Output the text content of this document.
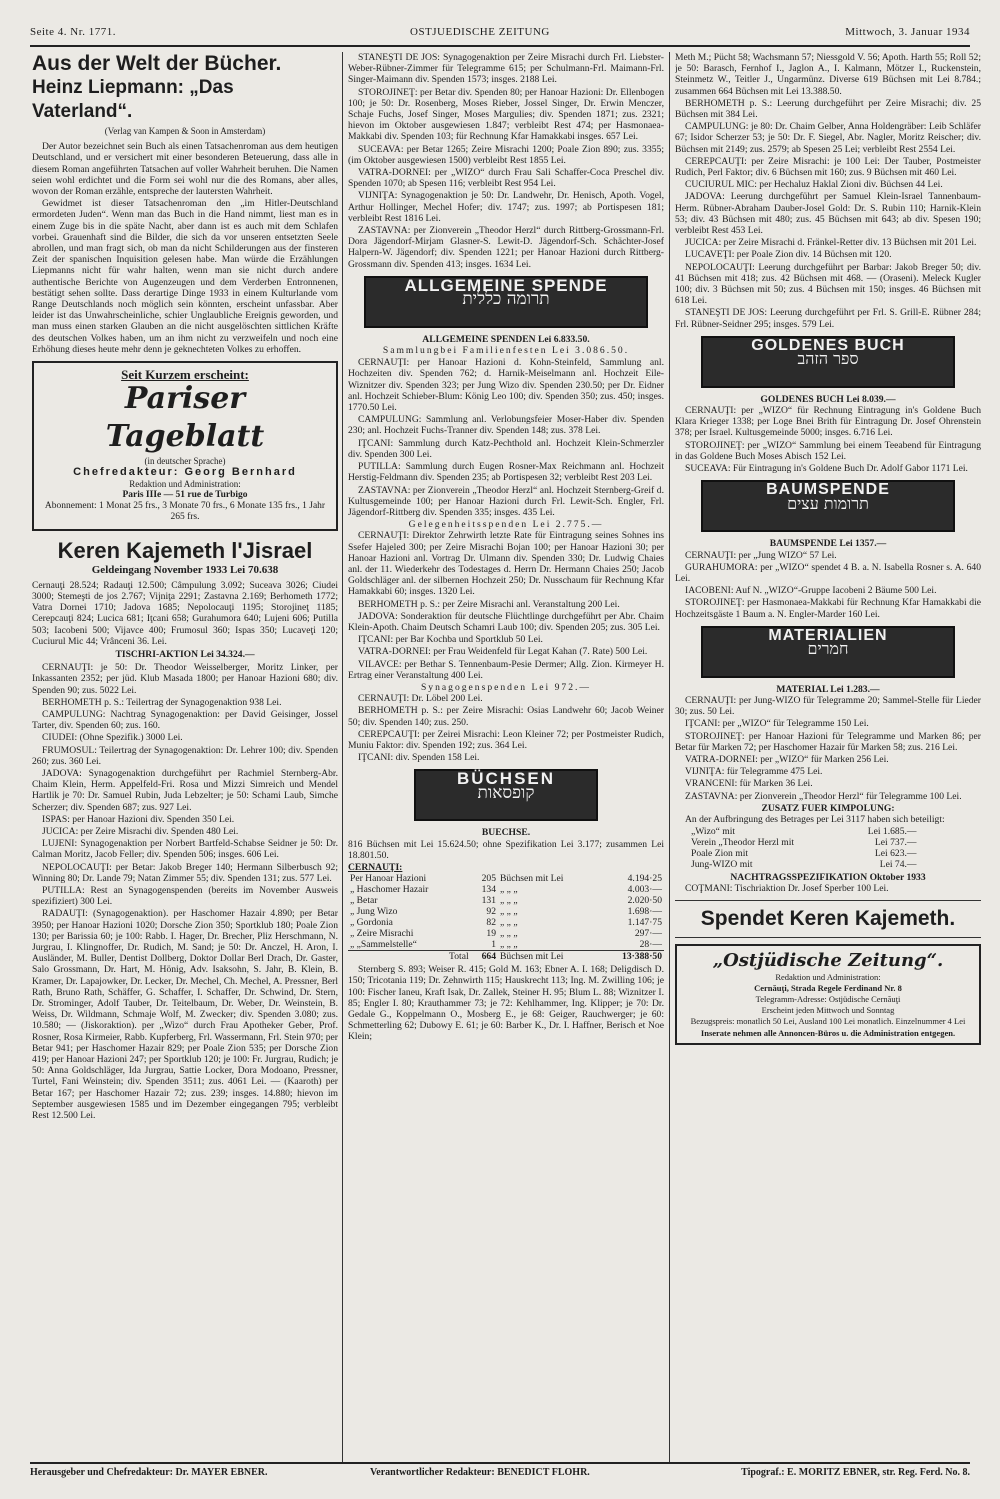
Seite 4. Nr. 1771.	OSTJUEDISCHE ZEITUNG	Mittwoch, 3. Januar 1934
Aus der Welt der Bücher.
Heinz Liepmann: „Das Vaterland“.
(Verlag van Kampen & Soon in Amsterdam)

Der Autor bezeichnet sein Buch als einen Tatsachenroman aus dem heutigen Deutschland, und er versichert mit einer besonderen Beteuerung, dass alle in diesem Roman angeführten Tatsachen auf voller Wahrheit beruhen. Die Namen seien wohl erdichtet und die Form sei wohl nur die des Romans, aber alles, wovon der Roman erzähle, entspreche der lautersten Wahrheit.

Gewidmet ist dieser Tatsachenroman den „im Hitler-Deutschland ermordeten Juden“. Wenn man das Buch in die Hand nimmt, liest man es in einem Zuge bis in die späte Nacht, aber dann ist es auch mit dem Schlafen vorbei. Grauenhaft sind die Bilder, die sich da vor unseren entsetzten Seele abrollen, und man fragt sich, ob man da nicht Schilderungen aus der finsteren Zeit der spanischen Inquisition gelesen habe. Man würde die Erzählungen Liepmanns nicht für wahr halten, wenn man sie nicht durch andere authentische Berichte von Augenzeugen und dem Verderben Entronnenen, bestätigt sehen sollte. Dass derartige Dinge 1933 in einem Kulturlande vom Range Deutschlands noch möglich sein könnten, erscheint unfassbar. Aber leider ist das Unwahrscheinliche, schier Unglaubliche Ereignis geworden, und man muss einen starken Glauben an die nicht ausgelöschten sittlichen Kräfte des deutschen Volkes haben, um an ihm nicht zu verzweifeln und noch eine Erhöhung dieses heute mehr denn je geknechteten Volkes zu erhoffen.

Seit Kurzem erscheint:
Pariser Tageblatt
(in deutscher Sprache)
Chefredakteur: Georg Bernhard
Redaktion und Administration:
Paris IIIe — 51 rue de Turbigo
Abonnement: 1 Monat 25 frs., 3 Monate 70 frs., 6 Monate 135 frs., 1 Jahr 265 frs.
Keren Kajemeth l'Jisrael
Geldeingang November 1933 Lei 70.638

Cernauţi 28.524; Radauţi 12.500; Câmpulung 3.092; Suceava 3026; Ciudei 3000; Stemeşti de jos 2.767; Vijniţa 2291; Zastavna 2.169; Berhometh 1772; Vatra Dornei 1710; Jadova 1685; Nepolocauţi 1195; Storojineţ 1185; Cerepcauţi 824; Lucica 681; Iţcani 658; Gurahumora 640; Lujeni 606; Putilla 503; Iacobeni 500; Vijavce 400; Frumosul 360; Ispas 350; Lucaveţi 120; Cuciurul Mic 44; Vrânceni 36. Lei.

TISCHRI-AKTION Lei 34.324.—

CERNAUŢI: je 50: Dr. Theodor Weisselberger, Moritz Linker, per Inkassanten 2352; per jüd. Klub Masada 1800; per Hanoar Hazioni 680; div. Spenden 90; zus. 5022 Lei.

BERHOMETH p. S.: Teilertrag der Synagogenaktion 938 Lei.

CAMPULUNG: Nachtrag Synagogenaktion: per David Geisinger, Jossel Tarter, div. Spenden 60; zus. 160.

CIUDEI: (Ohne Spezifik.) 3000 Lei.

FRUMOSUL: Teilertrag der Synagogenaktion: Dr. Lehrer 100; div. Spenden 260; zus. 360 Lei.

JADOVA: Synagogenaktion durchgeführt per Rachmiel Sternberg-Abr. Chaim Klein, Herm. Appelfeld-Fri. Rosa und Mizzi Simreich und Mendel Hartlik je 70: Dr. Samuel Rubin, Juda Lebzelter; je 50: Schami Laub, Simche Scherzer; div. Spenden 687; zus. 927 Lei.

ISPAS: per Hanoar Hazioni div. Spenden 350 Lei.

JUCICA: per Zeire Misrachi div. Spenden 480 Lei.

LUJENI: Synagogenaktion per Norbert Bartfeld-Schabse Seidner je 50: Dr. Calman Moritz, Jacob Feller; div. Spenden 506; insges. 606 Lei.

NEPOLOCAUŢI: per Betar: Jakob Breger 140; Hermann Silberbusch 92; Winning 80; Dr. Lande 79; Natan Zimmer 55; div. Spenden 131; zus. 577 Lei.

PUTILLA: Rest an Synagogenspenden (bereits im November Ausweis spezifiziert) 300 Lei.

RADAUŢI: (Synagogenaktion). per Haschomer Hazair 4.890; per Betar 3950; per Hanoar Hazioni 1020; Dorsche Zion 350; Sportklub 180; Poale Zion 130; per Barissia 60; je 100: Rabb. I. Hager, Dr. Brecher, Pliz Herschmann, N. Jurgrau, I. Klingnoffer, Dr. Rudich, M. Sand; je 50: Dr. Anczel, H. Aron, I. Ausländer, M. Buller, Dentist Dollberg, Doktor Dollar Berl Drach, Dr. Gaster, Salo Grossmann, Dr. Hart, M. Hönig, Adv. Isaksohn, S. Jahr, B. Klein, B. Kramer, Dr. Lapajowker, Dr. Lecker, Dr. Mechel, Ch. Mechel, A. Pressner, Berl Rath, Bruno Rath, Schäffer, G. Schaffer, I. Schaffer, Dr. Schwind, Dr. Stern, Dr. Strominger, Adolf Tauber, Dr. Teitelbaum, Dr. Weber, Dr. Weinstein, B. Weiss, Dr. Wildmann, Schmaje Wolf, M. Zwecker; div. Spenden 3.080; zus. 10.580; — (Jiskoraktion). per „Wizo“ durch Frau Apotheker Geber, Prof. Rosner, Rosa Kirmeier, Rabb. Kupferberg, Frl. Wassermann, Frl. Stein 970; per Betar 941; per Haschomer Hazair 829; per Poale Zion 535; per Dorsche Zion 419; per Hanoar Hazioni 247; per Sportklub 120; je 100: Fr. Jurgrau, Rudich; je 50: Anna Goldschläger, Ida Jurgrau, Sattie Locker, Dora Modoano, Pressner, Turtel, Fani Weinstein; div. Spenden 3511; zus. 4061 Lei. — (Kaaroth) per Betar 167; per Haschomer Hazair 72; zus. 239; insges. 14.880; hievon im September ausgewiesen 1585 und im Dezember eingegangen 795; verbleibt Rest 12.500 Lei.

STANEŞTI DE JOS: Synagogenaktion per Zeire Misrachi durch Frl. Liebster-Weber-Rübner-Zimmer für Telegramme 615; per Schulmann-Frl. Maimann-Frl. Singer-Maimann div. Spenden 1573; insges. 2188 Lei.

STOROJINEŢ: per Betar div. Spenden 80; per Hanoar Hazioni: Dr. Ellenbogen 100; je 50: Dr. Rosenberg, Moses Rieber, Jossel Singer, Dr. Erwin Menczer, Schaje Fuchs, Josef Singer, Moses Margulies; div. Spenden 1871; zus. 2321; hievon im Oktober ausgewiesen 1.847; verbleibt Rest 474; per Hasmonaea-Makkabi div. Spenden 103; für Rechnung Kfar Hamakkabi insges. 657 Lei.

SUCEAVA: per Betar 1265; Zeire Misrachi 1200; Poale Zion 890; zus. 3355; (im Oktober ausgewiesen 1500) verbleibt Rest 1855 Lei.

VATRA-DORNEI: per „WIZO“ durch Frau Sali Schaffer-Coca Preschel div. Spenden 1070; ab Spesen 116; verbleibt Rest 954 Lei.

VIJNIŢA: Synagogenaktion je 50: Dr. Landwehr, Dr. Henisch, Apoth. Vogel, Arthur Hollinger, Mechel Hofer; div. 1747; zus. 1997; ab Portispesen 181; verbleibt Rest 1816 Lei.

ZASTAVNA: per Zionverein „Theodor Herzl“ durch Rittberg-Grossmann-Frl. Dora Jägendorf-Mirjam Glasner-S. Lewit-D. Jägendorf-Sch. Schächter-Josef Halpern-W. Jägendorf; div. Spenden 1221; per Hanoar Hazioni durch Rittberg-Grossmann div. Spenden 413; insges. 1634 Lei.

ALLGEMEINE SPENDE
תרומה כללית
ALLGEMEINE SPENDEN Lei 6.833.50.
Sammlungbei Familienfesten Lei 3.086.50.

CERNAUŢI: per Hanoar Hazioni d. Kohn-Steinfeld, Sammlung anl. Hochzeiten div. Spenden 762; d. Harnik-Meiselmann anl. Hochzeit Eile-Wiznitzer div. Spenden 323; per Jung Wizo div. Spenden 230.50; per Dr. Eidner anl. Hochzeit Schieber-Blum: König Leo 100; div. Spenden 350; zus. 450; insges. 1770.50 Lei.

CAMPULUNG: Sammlung anl. Verlobungsfeier Moser-Haber div. Spenden 230; anl. Hochzeit Fuchs-Tranner div. Spenden 148; zus. 378 Lei.

IŢCANI: Sammlung durch Katz-Pechthold anl. Hochzeit Klein-Schmerzler div. Spenden 300 Lei.

PUTILLA: Sammlung durch Eugen Rosner-Max Reichmann anl. Hochzeit Herstig-Feldmann div. Spenden 235; ab Portispesen 32; verbleibt Rest 203 Lei.

ZASTAVNA: per Zionverein „Theodor Herzl“ anl. Hochzeit Sternberg-Greif d. Kultusgemeinde 100; per Hanoar Hazioni durch Frl. Lewit-Sch. Engler, Frl. Jägendorf-Rittberg div. Spenden 335; insges. 435 Lei.

Gelegenheitsspenden Lei 2.775.—

CERNAUŢI: Direktor Zehrwirth letzte Rate für Eintragung seines Sohnes ins Ssefer Hajeled 300; per Zeire Misrachi Bojan 100; per Hanoar Hazioni 30; per Hanoar Hazioni anl. Vortrag Dr. Ulmann div. Spenden 330; Dr. Ludwig Chaies anl. der 11. Wiederkehr des Todestages d. Herrn Dr. Hermann Chaies 250; Jacob Goldschläger anl. der silbernen Hochzeit 250; Dr. Nusschaum für Rechnung Kfar Hamakkabi 60; insges. 1320 Lei.

BERHOMETH p. S.: per Zeire Misrachi anl. Veranstaltung 200 Lei.

JADOVA: Sonderaktion für deutsche Flüchtlinge durchgeführt per Abr. Chaim Klein-Apoth. Chaim Deutsch Schamri Laub 100; div. Spenden 205; zus. 305 Lei.

IŢCANI: per Bar Kochba und Sportklub 50 Lei.

VATRA-DORNEI: per Frau Weidenfeld für Legat Kahan (7. Rate) 500 Lei.

VILAVCE: per Bethar S. Tennenbaum-Pesie Dermer; Allg. Zion. Kirmeyer H. Ertrag einer Veranstaltung 400 Lei.

Synagogenspenden Lei 972.—

CERNAUŢI: Dr. Löbel 200 Lei.

BERHOMETH p. S.: per Zeire Misrachi: Osias Landwehr 60; Jacob Weiner 50; div. Spenden 140; zus. 250.

CEREPCAUŢI: per Zeirei Misrachi: Leon Kleiner 72; per Postmeister Rudich, Muniu Faktor: div. Spenden 192; zus. 364 Lei.

IŢCANI: div. Spenden 158 Lei.

BÜCHSEN
קופסאות
BUECHSE.

816 Büchsen mit Lei 15.624.50; ohne Spezifikation Lei 3.177; zusammen Lei 18.801.50.

CERNAUŢI:
Per Hanoar Hazioni	205	Büchsen mit Lei	4.194·25
„ Haschomer Hazair	134	„ „ „	4.003·—
„ Betar	131	„ „ „	2.020·50
„ Jung Wizo	92	„ „ „	1.698·—
„ Gordonia	82	„ „ „	1.147·75
„ Zeire Misrachi	19	„ „ „	297·—
„ „Sammelstelle“	1	„ „ „	28·—
Total	664	Büchsen mit Lei	13·388·50

Sternberg S. 893; Weiser R. 415; Gold M. 163; Ebner A. I. 168; Deligdisch D. 150; Tricotania 119; Dr. Zehnwirth 115; Hauskrecht 113; Ing. M. Zwilling 106; je 100: Fischer Ianeu, Kraft Isak, Dr. Zallek, Steiner H. 95; Blum L. 88; Wiznitzer I. 85; Engler I. 80; Krauthammer 73; je 72: Kehlhammer, Ing. Klipper; je 70: Dr. Gedale G., Koppelmann O., Mosberg E., je 68: Geiger, Rauchwerger; je 60: Schmetterling 62; Dubowy E. 61; je 60: Barber K., Dr. I. Haffner, Berisch et Noe Klein;

Meth M.; Pücht 58; Wachsmann 57; Niessgold V. 56; Apoth. Harth 55; Roll 52; je 50: Barasch, Fernhof I., Jaglon A., I. Kalmann, Mötzer I., Ruckenstein, Steinmetz W., Teitler J., Ungarmünz. Diverse 619 Büchsen mit Lei 8.784.; zusammen 664 Büchsen mit Lei 13.388.50.

BERHOMETH p. S.: Leerung durchgeführt per Zeire Misrachi; div. 25 Büchsen mit 384 Lei.

CAMPULUNG: je 80: Dr. Chaim Gelber, Anna Holdengräber: Leib Schläfer 67; Isidor Scherzer 53; je 50: Dr. F. Siegel, Abr. Nagler, Moritz Reischer; div. Büchsen mit 2149; zus. 2579; ab Spesen 25 Lei; verbleibt Rest 2554 Lei.

CEREPCAUŢI: per Zeire Misrachi: je 100 Lei: Der Tauber, Postmeister Rudich, Perl Faktor; div. 6 Büchsen mit 160; zus. 9 Büchsen mit 460 Lei.

CUCIURUL MIC: per Hechaluz Haklal Zioni div. Büchsen 44 Lei.

JADOVA: Leerung durchgeführt per Samuel Klein-Israel Tannenbaum-Herm. Rübner-Abraham Dauber-Josel Gold: Dr. S. Rubin 110; Harnik-Klein 53; div. 43 Büchsen mit 480; zus. 45 Büchsen mit 643; ab div. Spesen 190; verbleibt Rest 453 Lei.

JUCICA: per Zeire Misrachi d. Fränkel-Retter div. 13 Büchsen mit 201 Lei.

LUCAVEŢI: per Poale Zion div. 14 Büchsen mit 120.

NEPOLOCAUŢI: Leerung durchgeführt per Barbar: Jakob Breger 50; div. 41 Büchsen mit 418; zus. 42 Büchsen mit 468. — (Oraseni). Meleck Kugler 100; div. 3 Büchsen mit 50; zus. 4 Büchsen mit 150; insges. 46 Büchsen mit 618 Lei.

STANEŞTI DE JOS: Leerung durchgeführt per Frl. S. Grill-E. Rübner 284; Frl. Rübner-Seidner 295; insges. 579 Lei.

GOLDENES BUCH
ספר הזהב
GOLDENES BUCH Lei 8.039.—

CERNAUŢI: per „WIZO“ für Rechnung Eintragung in's Goldene Buch Klara Krieger 1338; per Loge Bnei Brith für Eintragung Dr. Josef Ohrenstein 378; per Israel. Kultusgemeinde 5000; insges. 6.716 Lei.

STOROJINEŢ: per „WIZO“ Sammlung bei einem Teeabend für Eintragung in das Goldene Buch Moses Abisch 152 Lei.

SUCEAVA: Für Eintragung in's Goldene Buch Dr. Adolf Gabor 1171 Lei.

BAUMSPENDE
תרומות עצים
BAUMSPENDE Lei 1357.—

CERNAUŢI: per „Jung WIZO“ 57 Lei.

GURAHUMORA: per „WIZO“ spendet 4 B. a. N. Isabella Rosner s. A. 640 Lei.

IACOBENI: Auf N. „WIZO“-Gruppe Iacobeni 2 Bäume 500 Lei.

STOROJINEŢ: per Hasmonaea-Makkabi für Rechnung Kfar Hamakkabi die Hochzeitsgäste 1 Baum a. N. Engler-Marder 160 Lei.

MATERIALIEN
חמרים
MATERIAL Lei 1.283.—

CERNAUŢI: per Jung-WIZO für Telegramme 20; Sammel-Stelle für Lieder 30; zus. 50 Lei.

IŢCANI: per „WIZO“ für Telegramme 150 Lei.

STOROJINEŢ: per Hanoar Hazioni für Telegramme und Marken 86; per Betar für Marken 72; per Haschomer Hazair für Marken 58; zus. 216 Lei.

VATRA-DORNEI: per „WIZO“ für Marken 256 Lei.

VIJNIŢA: für Telegramme 475 Lei.

VRANCENI: für Marken 36 Lei.

ZASTAVNA: per Zionverein „Theodor Herzl“ für Telegramme 100 Lei.

ZUSATZ FUER KIMPOLUNG:

An der Aufbringung des Betrages per Lei 3117 haben sich beteiligt:

„Wizo“ mit	Lei 1.685.—
Verein „Theodor Herzl mit	Lei 737.—
Poale Zion mit	Lei 623.—
Jung-WIZO mit	Lei 74.—
NACHTRAGSSPEZIFIKATION Oktober 1933

COŢMANI: Tischriaktion Dr. Josef Sperber 100 Lei.

Spendet Keren Kajemeth.
„Ostjüdische Zeitung“.
Redaktion und Administration:
Cernăuţi, Strada Regele Ferdinand Nr. 8
Telegramm-Adresse: Ostjüdische Cernăuţi
Erscheint jeden Mittwoch und Sonntag
Bezugspreis: monatlich 50 Lei, Ausland 100 Lei monatlich. Einzelnummer 4 Lei
Inserate nehmen alle Annoncen-Büros u. die Administration entgegen.
Herausgeber und Chefredakteur: Dr. MAYER EBNER.	Verantwortlicher Redakteur: BENEDICT FLOHR.	Tipograf.: E. MORITZ EBNER, str. Reg. Ferd. No. 8.
